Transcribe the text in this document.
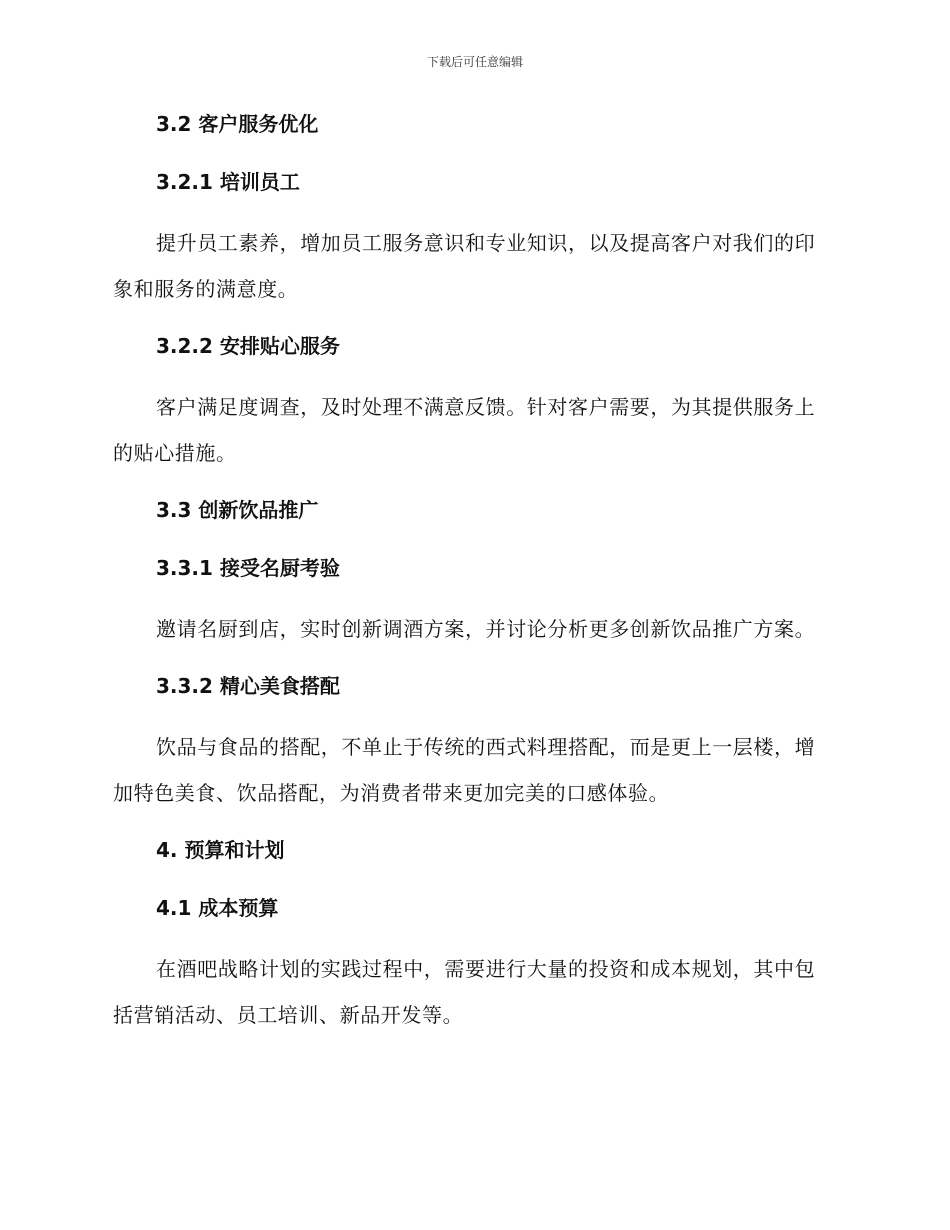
下载后可任意编辑
3.2 客户服务优化
3.2.1 培训员工

提升员工素养，增加员工服务意识和专业知识，以及提高客户对我们的印象和服务的满意度。

3.2.2 安排贴心服务

客户满足度调查，及时处理不满意反馈。针对客户需要，为其提供服务上的贴心措施。

3.3 创新饮品推广
3.3.1 接受名厨考验

邀请名厨到店，实时创新调酒方案，并讨论分析更多创新饮品推广方案。

3.3.2 精心美食搭配

饮品与食品的搭配，不单止于传统的西式料理搭配，而是更上一层楼，增加特色美食、饮品搭配，为消费者带来更加完美的口感体验。

4. 预算和计划
4.1 成本预算

在酒吧战略计划的实践过程中，需要进行大量的投资和成本规划，其中包括营销活动、员工培训、新品开发等。
